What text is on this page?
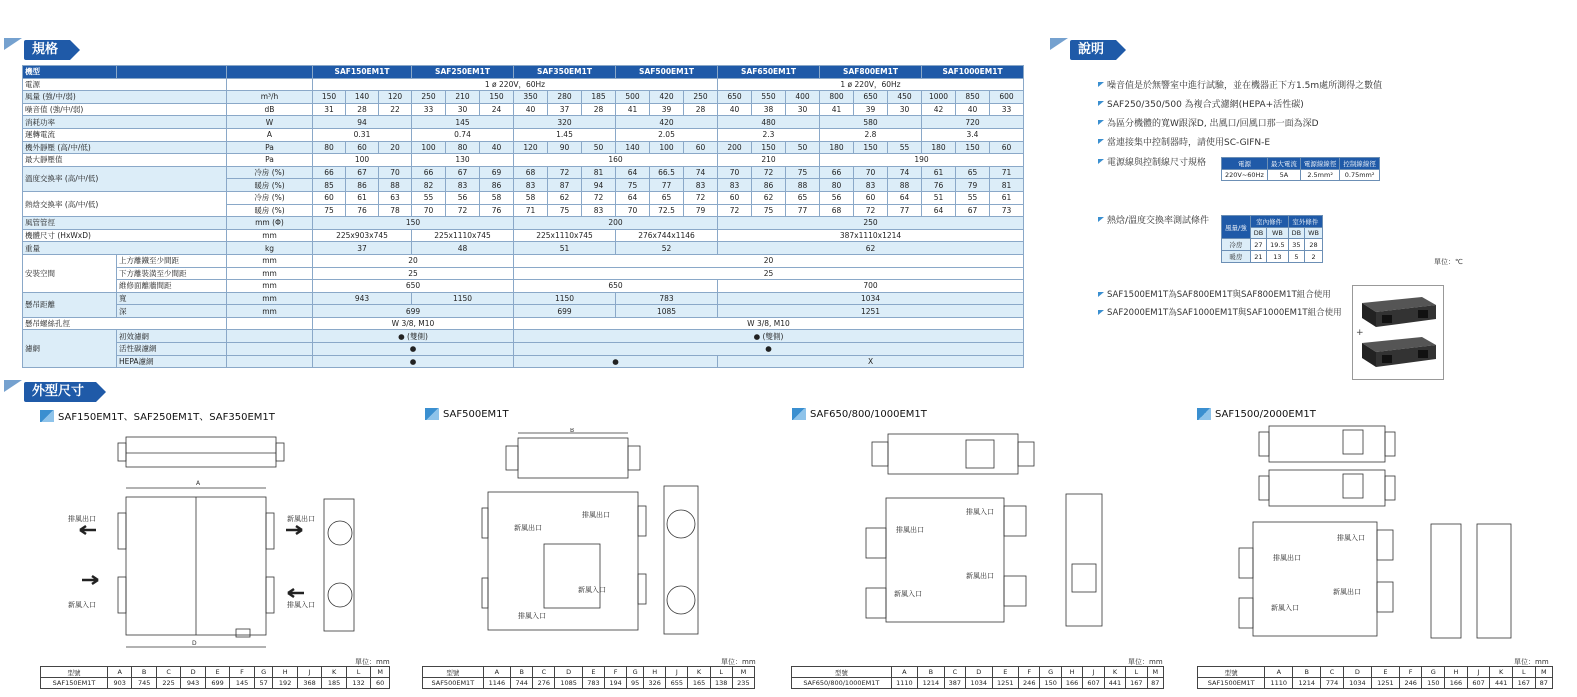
規格
機型			SAF150EM1T			SAF250EM1T			SAF350EM1T			SAF500EM1T			SAF650EM1T			SAF800EM1T			SAF1000EM1T		
電源			1 ø 220V，60Hz												1 ø 220V，60Hz								
風量 (強/中/弱)		m³/h	150	140	120	250	210	150	350	280	185	500	420	250	650	550	400	800	650	450	1000	850	600
噪音值 (強/中/弱)		dB	31	28	22	33	30	24	40	37	28	41	39	28	40	38	30	41	39	30	42	40	33
消耗功率		W	94			145			320			420			480			580			720		
運轉電流		A	0.31			0.74			1.45			2.05			2.3			2.8			3.4		
機外靜壓 (高/中/低)		Pa	80	60	20	100	80	40	120	90	50	140	100	60	200	150	50	180	150	55	180	150	60
最大靜壓值		Pa	100			130			160						210			190					
溫度交換率 (高/中/低)		冷房 (%)	66	67	70	66	67	69	68	72	81	64	66.5	74	70	72	75	66	70	74	61	65	71
		暖房 (%)	85	86	88	82	83	86	83	87	94	75	77	83	83	86	88	80	83	88	76	79	81
熱焓交換率 (高/中/低)		冷房 (%)	60	61	63	55	56	58	58	62	72	64	65	72	60	62	65	56	60	64	51	55	61
		暖房 (%)	75	76	78	70	72	76	71	75	83	70	72.5	79	72	75	77	68	72	77	64	67	73
風管管徑		mm (Φ)	150						200						250								
機體尺寸 (HxWxD)		mm	225x903x745			225x1110x745			225x1110x745			276x744x1146			387x1110x1214								
重量		kg	37			48			51			52			62								
安裝空間	上方離鐵至少間距	mm	20						20														
	下方離裝潢至少間距	mm	25						25														
	維修面離牆間距	mm	650						650						700								
懸吊距離	寬	mm	943			1150			1150			783			1034								
	深	mm	699						699			1085			1251								
懸吊螺絲孔徑			W 3/8, M10						W 3/8, M10														
濾網	初效濾網		● (雙側)						● (雙側)														
	活性碳濾網		●						●														
	HEPA濾網		●						●						X								
說明
噪音值是於無響室中進行試驗，並在機器正下方1.5m處所測得之數值
SAF250/350/500 為複合式濾網(HEPA+活性碳)
為區分機體的寬W跟深D, 出風口/回風口那一面為深D
當連接集中控制器時，請使用SC-GIFN-E
電源線與控制線尺寸規格	電源	最大電流	電源線線徑	控制線線徑
220V~60Hz	5A	2.5mm²	0.75mm²
熱焓/溫度交換率測試條件
風量/強	室內條件		室外條件	
	DB	WB	DB	WB
冷房	27	19.5	35	28
暖房	21	13	5	2
單位：℃
SAF1500EM1T為SAF800EM1T與SAF800EM1T組合使用
SAF2000EM1T為SAF1000EM1T與SAF1000EM1T組合使用
+
外型尺寸
SAF150EM1T、SAF250EM1T、SAF350EM1T	SAF500EM1T	SAF650/800/1000EM1T	SAF1500/2000EM1T
A
D
排風出口
新風入口
新風出口
排風入口
B
新風出口
排風出口
新風入口
排風入口
排風入口
排風出口
新風出口
新風入口
排風入口
排風出口
新風出口
新風入口
單位：mm	單位：mm	單位：mm	單位：mm
型號	A	B	C	D	E	F	G	H	J	K	L	M
SAF150EM1T	903	745	225	943	699	145	57	192	368	185	132	60
型號	A	B	C	D	E	F	G	H	J	K	L	M
SAF500EM1T	1146	744	276	1085	783	194	95	326	655	165	138	235
型號	A	B	C	D	E	F	G	H	J	K	L	M
SAF650/800/1000EM1T	1110	1214	387	1034	1251	246	150	166	607	441	167	87
型號	A	B	C	D	E	F	G	H	J	K	L	M
SAF1500EM1T	1110	1214	774	1034	1251	246	150	166	607	441	167	87
